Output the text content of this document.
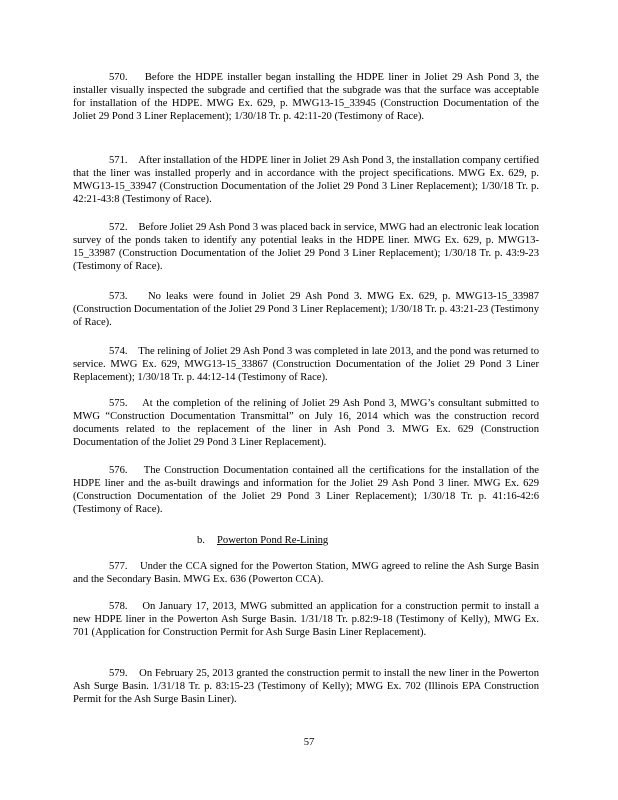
570. Before the HDPE installer began installing the HDPE liner in Joliet 29 Ash Pond 3, the installer visually inspected the subgrade and certified that the subgrade was that the surface was acceptable for installation of the HDPE. MWG Ex. 629, p. MWG13-15_33945 (Construction Documentation of the Joliet 29 Pond 3 Liner Replacement); 1/30/18 Tr. p. 42:11-20 (Testimony of Race).

571. After installation of the HDPE liner in Joliet 29 Ash Pond 3, the installation company certified that the liner was installed properly and in accordance with the project specifications. MWG Ex. 629, p. MWG13-15_33947 (Construction Documentation of the Joliet 29 Pond 3 Liner Replacement); 1/30/18 Tr. p. 42:21-43:8 (Testimony of Race).

572. Before Joliet 29 Ash Pond 3 was placed back in service, MWG had an electronic leak location survey of the ponds taken to identify any potential leaks in the HDPE liner. MWG Ex. 629, p. MWG13-15_33987 (Construction Documentation of the Joliet 29 Pond 3 Liner Replacement); 1/30/18 Tr. p. 43:9-23 (Testimony of Race).

573. No leaks were found in Joliet 29 Ash Pond 3. MWG Ex. 629, p. MWG13-15_33987 (Construction Documentation of the Joliet 29 Pond 3 Liner Replacement); 1/30/18 Tr. p. 43:21-23 (Testimony of Race).

574. The relining of Joliet 29 Ash Pond 3 was completed in late 2013, and the pond was returned to service. MWG Ex. 629, MWG13-15_33867 (Construction Documentation of the Joliet 29 Pond 3 Liner Replacement); 1/30/18 Tr. p. 44:12-14 (Testimony of Race).

575. At the completion of the relining of Joliet 29 Ash Pond 3, MWG’s consultant submitted to MWG “Construction Documentation Transmittal” on July 16, 2014 which was the construction record documents related to the replacement of the liner in Ash Pond 3. MWG Ex. 629 (Construction Documentation of the Joliet 29 Pond 3 Liner Replacement).

576. The Construction Documentation contained all the certifications for the installation of the HDPE liner and the as-built drawings and information for the Joliet 29 Ash Pond 3 liner. MWG Ex. 629 (Construction Documentation of the Joliet 29 Pond 3 Liner Replacement); 1/30/18 Tr. p. 41:16-42:6 (Testimony of Race).

b. Powerton Pond Re-Lining

577. Under the CCA signed for the Powerton Station, MWG agreed to reline the Ash Surge Basin and the Secondary Basin. MWG Ex. 636 (Powerton CCA).

578. On January 17, 2013, MWG submitted an application for a construction permit to install a new HDPE liner in the Powerton Ash Surge Basin. 1/31/18 Tr. p.82:9-18 (Testimony of Kelly), MWG Ex. 701 (Application for Construction Permit for Ash Surge Basin Liner Replacement).

579. On February 25, 2013 granted the construction permit to install the new liner in the Powerton Ash Surge Basin. 1/31/18 Tr. p. 83:15-23 (Testimony of Kelly); MWG Ex. 702 (Illinois EPA Construction Permit for the Ash Surge Basin Liner).

57
